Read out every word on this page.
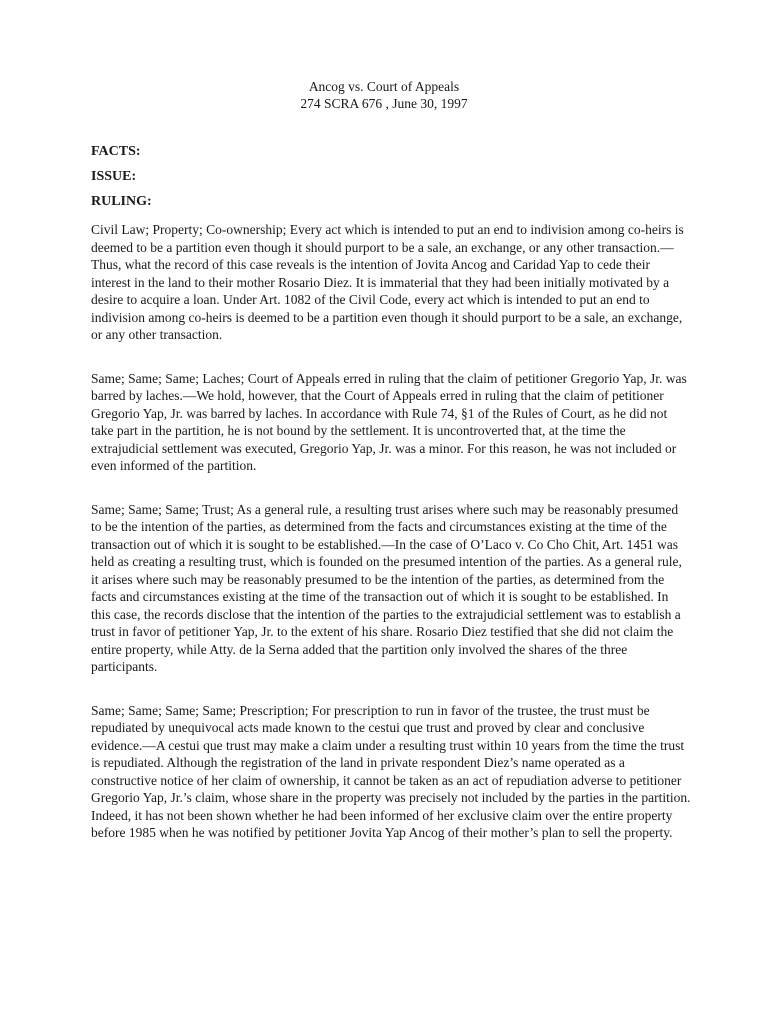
Ancog vs. Court of Appeals
274 SCRA 676 , June 30, 1997
FACTS:
ISSUE:
RULING:

Civil Law; Property; Co-ownership; Every act which is intended to put an end to indivision among co-heirs is deemed to be a partition even though it should purport to be a sale, an exchange, or any other transaction.—Thus, what the record of this case reveals is the intention of Jovita Ancog and Caridad Yap to cede their interest in the land to their mother Rosario Diez. It is immaterial that they had been initially motivated by a desire to acquire a loan. Under Art. 1082 of the Civil Code, every act which is intended to put an end to indivision among co-heirs is deemed to be a partition even though it should purport to be a sale, an exchange, or any other transaction.

Same; Same; Same; Laches; Court of Appeals erred in ruling that the claim of petitioner Gregorio Yap, Jr. was barred by laches.—We hold, however, that the Court of Appeals erred in ruling that the claim of petitioner Gregorio Yap, Jr. was barred by laches. In accordance with Rule 74, §1 of the Rules of Court, as he did not take part in the partition, he is not bound by the settlement. It is uncontroverted that, at the time the extrajudicial settlement was executed, Gregorio Yap, Jr. was a minor. For this reason, he was not included or even informed of the partition.

Same; Same; Same; Trust; As a general rule, a resulting trust arises where such may be reasonably presumed to be the intention of the parties, as determined from the facts and circumstances existing at the time of the transaction out of which it is sought to be established.—In the case of O’Laco v. Co Cho Chit, Art. 1451 was held as creating a resulting trust, which is founded on the presumed intention of the parties. As a general rule, it arises where such may be reasonably presumed to be the intention of the parties, as determined from the facts and circumstances existing at the time of the transaction out of which it is sought to be established. In this case, the records disclose that the intention of the parties to the extrajudicial settlement was to establish a trust in favor of petitioner Yap, Jr. to the extent of his share. Rosario Diez testified that she did not claim the entire property, while Atty. de la Serna added that the partition only involved the shares of the three participants.

Same; Same; Same; Same; Prescription; For prescription to run in favor of the trustee, the trust must be repudiated by unequivocal acts made known to the cestui que trust and proved by clear and conclusive evidence.—A cestui que trust may make a claim under a resulting trust within 10 years from the time the trust is repudiated. Although the registration of the land in private respondent Diez’s name operated as a constructive notice of her claim of ownership, it cannot be taken as an act of repudiation adverse to petitioner Gregorio Yap, Jr.’s claim, whose share in the property was precisely not included by the parties in the partition. Indeed, it has not been shown whether he had been informed of her exclusive claim over the entire property before 1985 when he was notified by petitioner Jovita Yap Ancog of their mother’s plan to sell the property.
